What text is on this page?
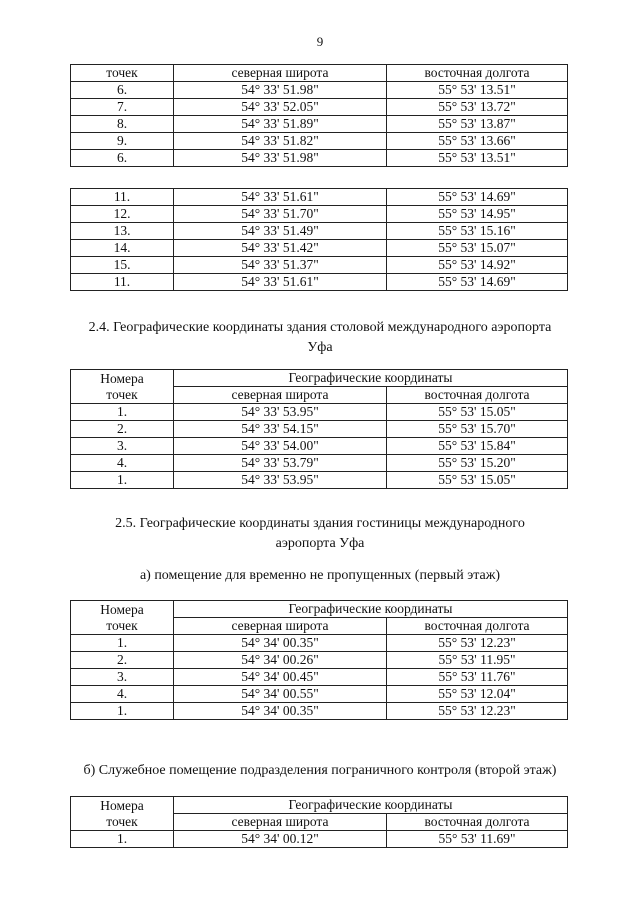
9
точек	северная широта	восточная долгота
6.	54° 33' 51.98"	55° 53' 13.51"
7.	54° 33' 52.05"	55° 53' 13.72"
8.	54° 33' 51.89"	55° 53' 13.87"
9.	54° 33' 51.82"	55° 53' 13.66"
6.	54° 33' 51.98"	55° 53' 13.51"
11.	54° 33' 51.61"	55° 53' 14.69"
12.	54° 33' 51.70"	55° 53' 14.95"
13.	54° 33' 51.49"	55° 53' 15.16"
14.	54° 33' 51.42"	55° 53' 15.07"
15.	54° 33' 51.37"	55° 53' 14.92"
11.	54° 33' 51.61"	55° 53' 14.69"
2.4. Географические координаты здания столовой международного аэропорта
Уфа
Номера
точек	Географические координаты	
	северная широта	восточная долгота
1.	54° 33' 53.95"	55° 53' 15.05"
2.	54° 33' 54.15"	55° 53' 15.70"
3.	54° 33' 54.00"	55° 53' 15.84"
4.	54° 33' 53.79"	55° 53' 15.20"
1.	54° 33' 53.95"	55° 53' 15.05"
2.5. Географические координаты здания гостиницы международного
аэропорта Уфа
а) помещение для временно не пропущенных (первый этаж)
Номера
точек	Географические координаты	
	северная широта	восточная долгота
1.	54° 34' 00.35"	55° 53' 12.23"
2.	54° 34' 00.26"	55° 53' 11.95"
3.	54° 34' 00.45"	55° 53' 11.76"
4.	54° 34' 00.55"	55° 53' 12.04"
1.	54° 34' 00.35"	55° 53' 12.23"
б) Служебное помещение подразделения пограничного контроля (второй этаж)
Номера
точек	Географические координаты	
	северная широта	восточная долгота
1.	54° 34' 00.12"	55° 53' 11.69"
